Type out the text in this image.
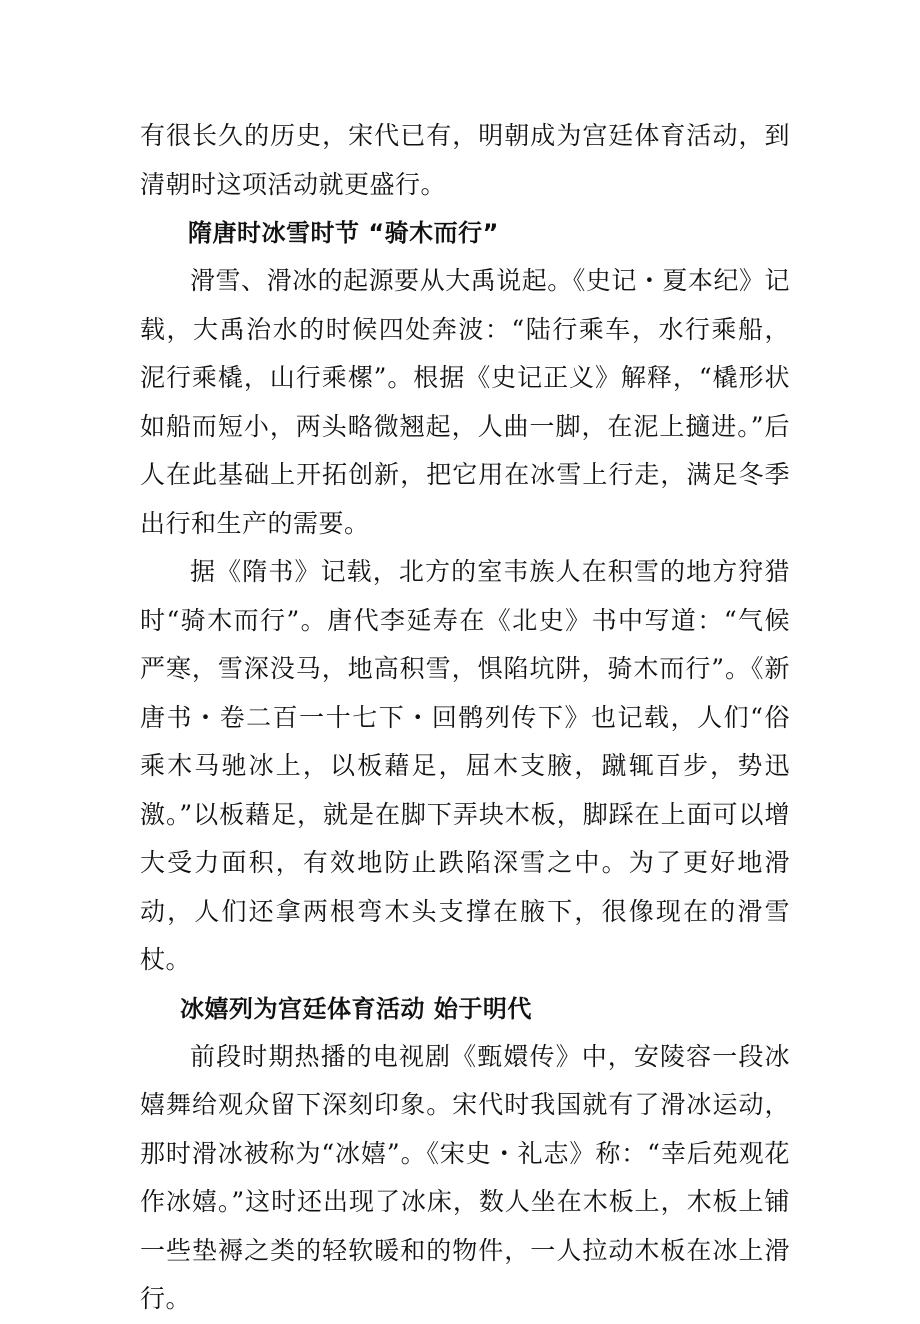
有很长久的历史，宋代已有，明朝成为宫廷体育活动，到清朝时这项活动就更盛行。

隋唐时冰雪时节 “骑木而行”

滑雪、滑冰的起源要从大禹说起。《史记・夏本纪》记载，大禹治水的时候四处奔波：“陆行乘车，水行乘船，泥行乘橇，山行乘樏”。根据《史记正义》解释，“橇形状如船而短小，两头略微翘起，人曲一脚，在泥上擿进。”后人在此基础上开拓创新，把它用在冰雪上行走，满足冬季出行和生产的需要。

据《隋书》记载，北方的室韦族人在积雪的地方狩猎时“骑木而行”。唐代李延寿在《北史》书中写道：“气候严寒，雪深没马，地高积雪，惧陷坑阱，骑木而行”。《新唐书・卷二百一十七下・回鹘列传下》也记载，人们“俗乘木马驰冰上，以板藉足，屈木支腋，蹴辄百步，势迅激。”以板藉足，就是在脚下弄块木板，脚踩在上面可以增大受力面积，有效地防止跌陷深雪之中。为了更好地滑动，人们还拿两根弯木头支撑在腋下，很像现在的滑雪杖。

冰嬉列为宫廷体育活动 始于明代

前段时期热播的电视剧《甄嬛传》中，安陵容一段冰嬉舞给观众留下深刻印象。宋代时我国就有了滑冰运动，那时滑冰被称为“冰嬉”。《宋史・礼志》称：“幸后苑观花作冰嬉。”这时还出现了冰床，数人坐在木板上，木板上铺一些垫褥之类的轻软暖和的物件，一人拉动木板在冰上滑行。
